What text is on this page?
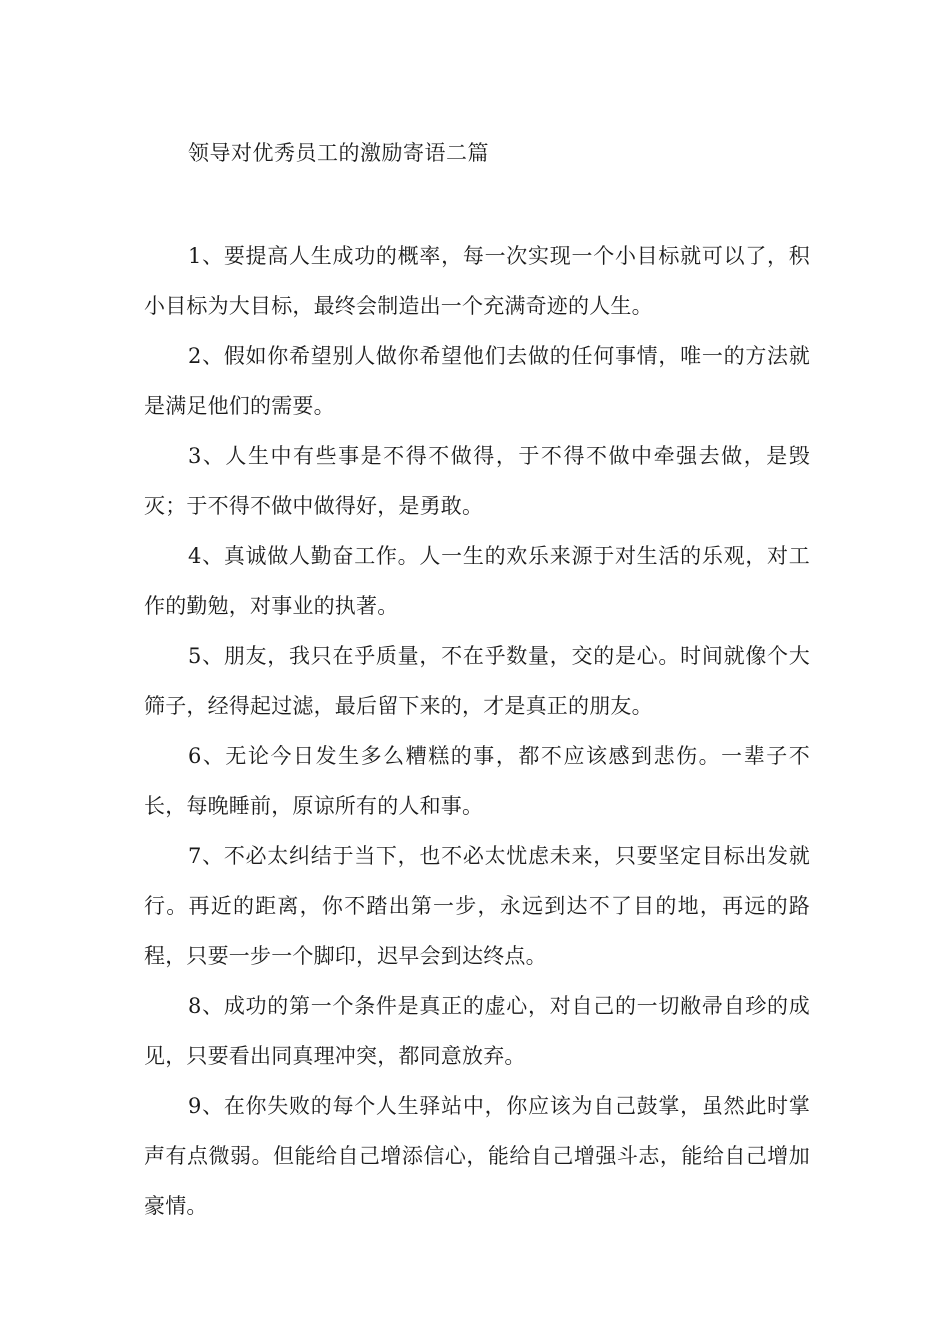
领导对优秀员工的激励寄语二篇

1、要提高人生成功的概率，每一次实现一个小目标就可以了，积小目标为大目标，最终会制造出一个充满奇迹的人生。

2、假如你希望别人做你希望他们去做的任何事情，唯一的方法就是满足他们的需要。

3、人生中有些事是不得不做得，于不得不做中牵强去做，是毁灭；于不得不做中做得好，是勇敢。

4、真诚做人勤奋工作。人一生的欢乐来源于对生活的乐观，对工作的勤勉，对事业的执著。

5、朋友，我只在乎质量，不在乎数量，交的是心。时间就像个大筛子，经得起过滤，最后留下来的，才是真正的朋友。

6、无论今日发生多么糟糕的事，都不应该感到悲伤。一辈子不长，每晚睡前，原谅所有的人和事。

7、不必太纠结于当下，也不必太忧虑未来，只要坚定目标出发就行。再近的距离，你不踏出第一步，永远到达不了目的地，再远的路程，只要一步一个脚印，迟早会到达终点。

8、成功的第一个条件是真正的虚心，对自己的一切敝帚自珍的成见，只要看出同真理冲突，都同意放弃。

9、在你失败的每个人生驿站中，你应该为自己鼓掌，虽然此时掌声有点微弱。但能给自己增添信心，能给自己增强斗志，能给自己增加豪情。
